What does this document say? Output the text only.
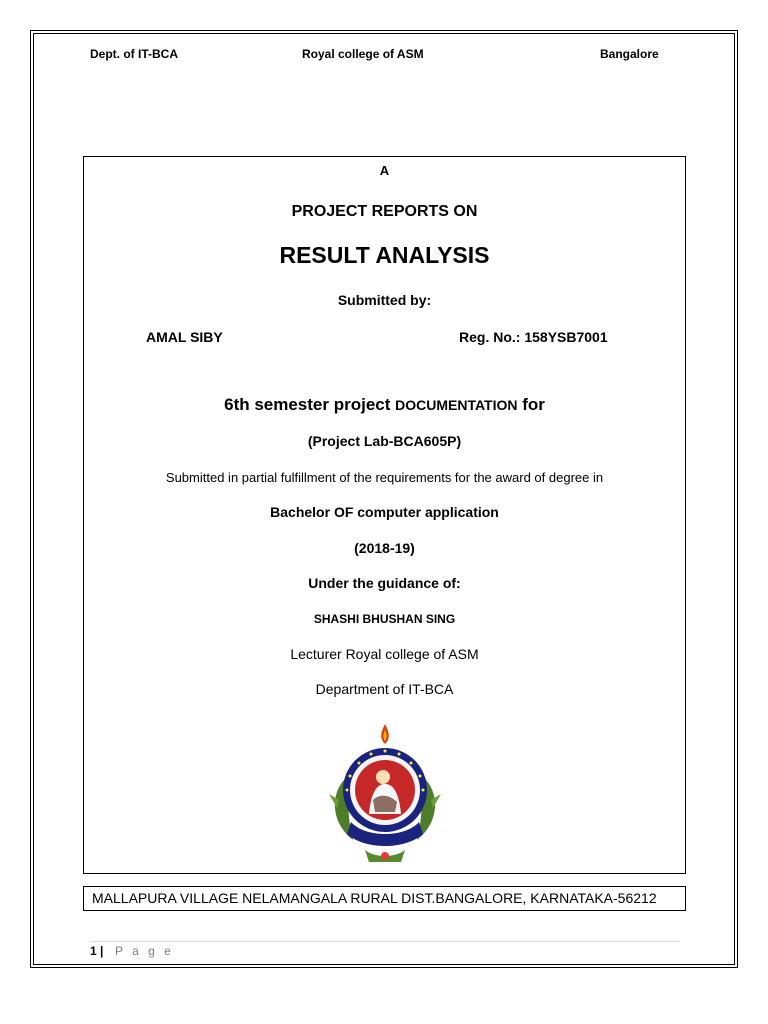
Dept. of IT-BCA	Royal college of ASM	Bangalore
A
PROJECT REPORTS ON
RESULT ANALYSIS
Submitted by:
AMAL SIBY	Reg. No.: 158YSB7001
6th semester project DOCUMENTATION for
(Project Lab-BCA605P)
Submitted in partial fulfillment of the requirements for the award of degree in
Bachelor OF computer application
(2018-19)
Under the guidance of:
SHASHI BHUSHAN SING
Lecturer Royal college of ASM
Department of IT-BCA
MALLAPURA VILLAGE NELAMANGALA RURAL DIST.BANGALORE, KARNATAKA-56212
1 | P a g e
